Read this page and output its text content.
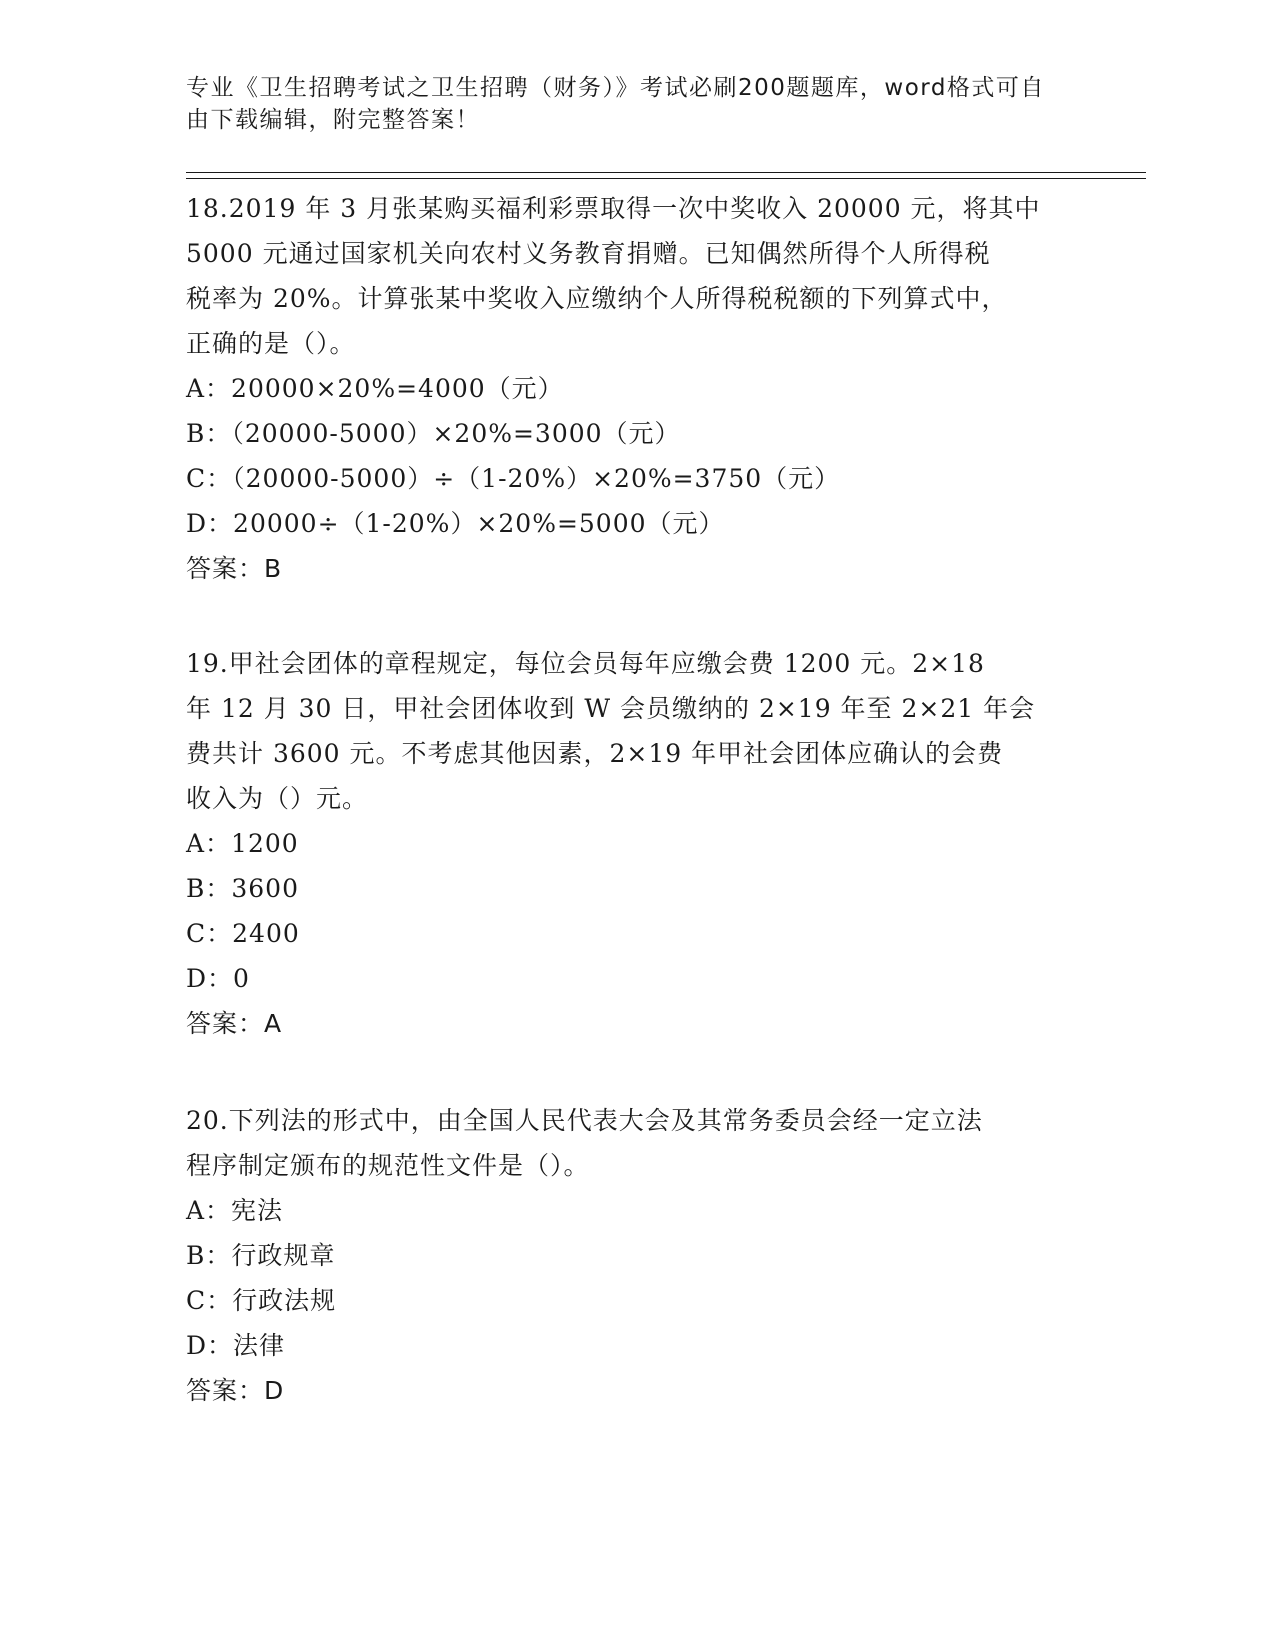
专业《卫生招聘考试之卫生招聘（财务）》考试必刷200题题库，word格式可自
由下载编辑，附完整答案！
18.2019 年 3 月张某购买福利彩票取得一次中奖收入 20000 元，将其中
5000 元通过国家机关向农村义务教育捐赠。已知偶然所得个人所得税
税率为 20%。计算张某中奖收入应缴纳个人所得税税额的下列算式中，
正确的是（）。
A：20000×20%=4000（元）
B：（20000-5000）×20%=3000（元）
C：（20000-5000）÷（1-20%）×20%=3750（元）
D：20000÷（1-20%）×20%=5000（元）
答案：B
19.甲社会团体的章程规定，每位会员每年应缴会费 1200 元。2×18
年 12 月 30 日，甲社会团体收到 W 会员缴纳的 2×19 年至 2×21 年会
费共计 3600 元。不考虑其他因素，2×19 年甲社会团体应确认的会费
收入为（）元。
A：1200
B：3600
C：2400
D：0
答案：A
20.下列法的形式中，由全国人民代表大会及其常务委员会经一定立法
程序制定颁布的规范性文件是（）。
A：宪法
B：行政规章
C：行政法规
D：法律
答案：D
